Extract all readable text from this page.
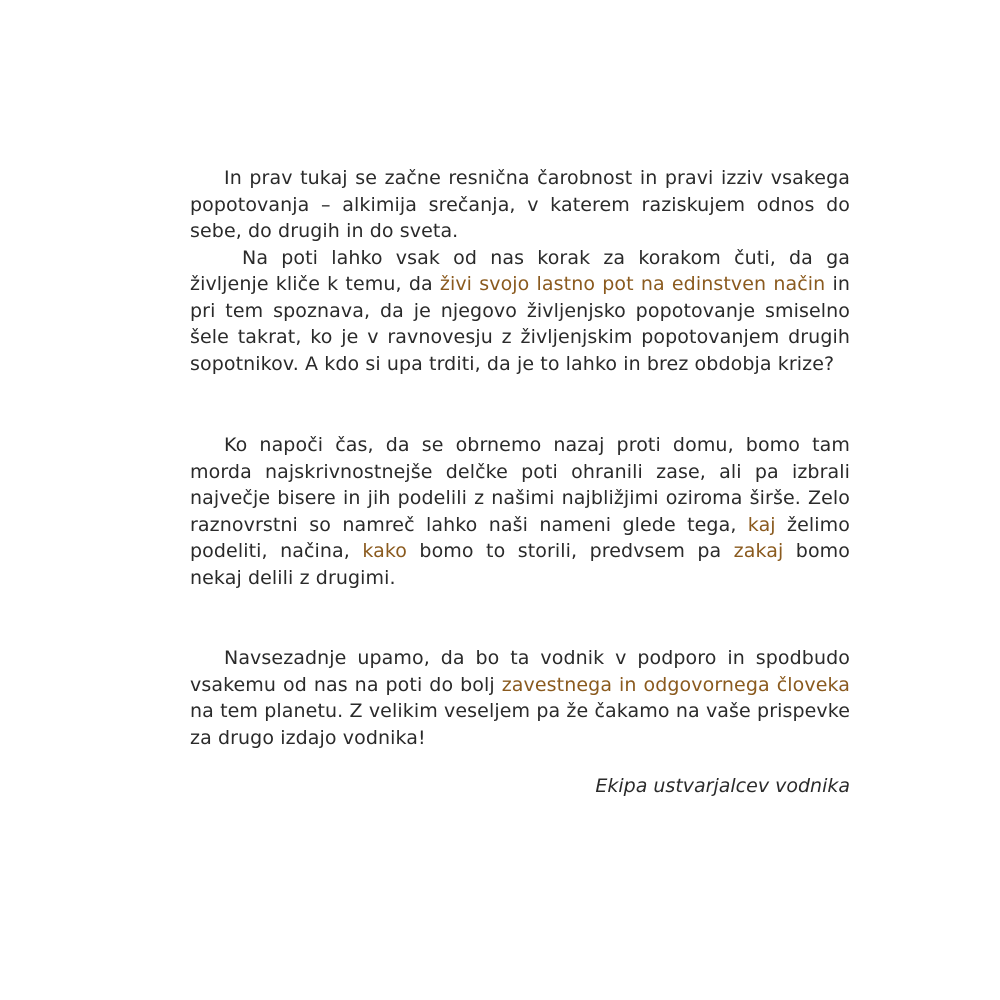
In prav tukaj se začne resnična čarobnost in pravi izziv vsakega popotovanja – alkimija srečanja, v katerem raziskujem odnos do sebe, do drugih in do sveta.

Na poti lahko vsak od nas korak za korakom čuti, da ga življenje kliče k temu, da živi svojo lastno pot na edinstven način in pri tem spoznava, da je njegovo življenjsko popotovanje smiselno šele takrat, ko je v ravnovesju z življenjskim popotovanjem drugih sopotnikov. A kdo si upa trditi, da je to lahko in brez obdobja krize?

Ko napoči čas, da se obrnemo nazaj proti domu, bomo tam morda najskrivnostnejše delčke poti ohranili zase, ali pa izbrali največje bisere in jih podelili z našimi najbližjimi oziroma širše. Zelo raznovrstni so namreč lahko naši nameni glede tega, kaj želimo podeliti, načina, kako bomo to storili, predvsem pa zakaj bomo nekaj delili z drugimi.

Navsezadnje upamo, da bo ta vodnik v podporo in spodbudo vsakemu od nas na poti do bolj zavestnega in odgovornega človeka na tem planetu. Z velikim veseljem pa že čakamo na vaše prispevke za drugo izdajo vodnika!

Ekipa ustvarjalcev vodnika
